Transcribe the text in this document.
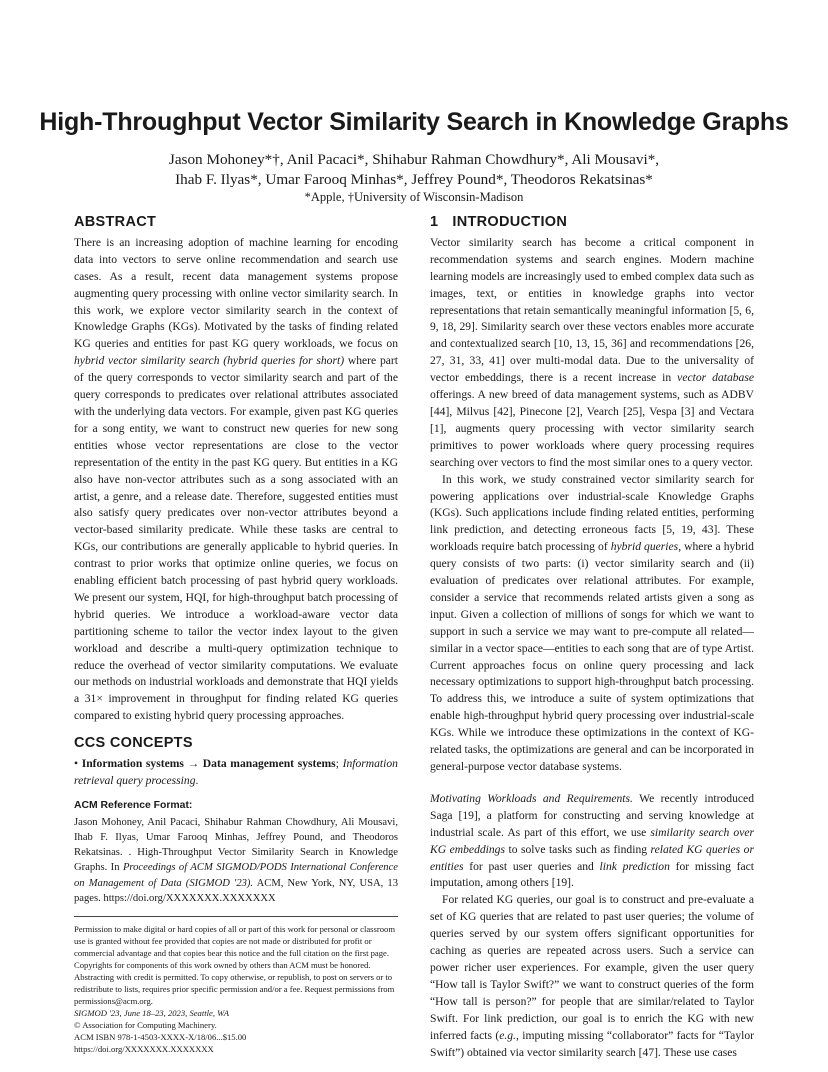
High-Throughput Vector Similarity Search in Knowledge Graphs
Jason Mohoney*†, Anil Pacaci*, Shihabur Rahman Chowdhury*, Ali Mousavi*,
Ihab F. Ilyas*, Umar Farooq Minhas*, Jeffrey Pound*, Theodoros Rekatsinas*
*Apple, †University of Wisconsin-Madison
ABSTRACT

There is an increasing adoption of machine learning for encoding data into vectors to serve online recommendation and search use cases. As a result, recent data management systems propose augmenting query processing with online vector similarity search. In this work, we explore vector similarity search in the context of Knowledge Graphs (KGs). Motivated by the tasks of finding related KG queries and entities for past KG query workloads, we focus on hybrid vector similarity search (hybrid queries for short) where part of the query corresponds to vector similarity search and part of the query corresponds to predicates over relational attributes associated with the underlying data vectors. For example, given past KG queries for a song entity, we want to construct new queries for new song entities whose vector representations are close to the vector representation of the entity in the past KG query. But entities in a KG also have non-vector attributes such as a song associated with an artist, a genre, and a release date. Therefore, suggested entities must also satisfy query predicates over non-vector attributes beyond a vector-based similarity predicate. While these tasks are central to KGs, our contributions are generally applicable to hybrid queries. In contrast to prior works that optimize online queries, we focus on enabling efficient batch processing of past hybrid query workloads. We present our system, HQI, for high-throughput batch processing of hybrid queries. We introduce a workload-aware vector data partitioning scheme to tailor the vector index layout to the given workload and describe a multi-query optimization technique to reduce the overhead of vector similarity computations. We evaluate our methods on industrial workloads and demonstrate that HQI yields a 31× improvement in throughput for finding related KG queries compared to existing hybrid query processing approaches.

CCS CONCEPTS

• Information systems → Data management systems; Information retrieval query processing.

ACM Reference Format:

Jason Mohoney, Anil Pacaci, Shihabur Rahman Chowdhury, Ali Mousavi, Ihab F. Ilyas, Umar Farooq Minhas, Jeffrey Pound, and Theodoros Rekatsinas. . High-Throughput Vector Similarity Search in Knowledge Graphs. In Proceedings of ACM SIGMOD/PODS International Conference on Management of Data (SIGMOD '23). ACM, New York, NY, USA, 13 pages. https://doi.org/XXXXXXX.XXXXXXX

Permission to make digital or hard copies of all or part of this work for personal or classroom use is granted without fee provided that copies are not made or distributed for profit or commercial advantage and that copies bear this notice and the full citation on the first page. Copyrights for components of this work owned by others than ACM must be honored. Abstracting with credit is permitted. To copy otherwise, or republish, to post on servers or to redistribute to lists, requires prior specific permission and/or a fee. Request permissions from permissions@acm.org.

SIGMOD '23, June 18–23, 2023, Seattle, WA

© Association for Computing Machinery.

ACM ISBN 978-1-4503-XXXX-X/18/06...$15.00

https://doi.org/XXXXXXX.XXXXXXX

1 INTRODUCTION

Vector similarity search has become a critical component in recommendation systems and search engines. Modern machine learning models are increasingly used to embed complex data such as images, text, or entities in knowledge graphs into vector representations that retain semantically meaningful information [5, 6, 9, 18, 29]. Similarity search over these vectors enables more accurate and contextualized search [10, 13, 15, 36] and recommendations [26, 27, 31, 33, 41] over multi-modal data. Due to the universality of vector embeddings, there is a recent increase in vector database offerings. A new breed of data management systems, such as ADBV [44], Milvus [42], Pinecone [2], Vearch [25], Vespa [3] and Vectara [1], augments query processing with vector similarity search primitives to power workloads where query processing requires searching over vectors to find the most similar ones to a query vector.

In this work, we study constrained vector similarity search for powering applications over industrial-scale Knowledge Graphs (KGs). Such applications include finding related entities, performing link prediction, and detecting erroneous facts [5, 19, 43]. These workloads require batch processing of hybrid queries, where a hybrid query consists of two parts: (i) vector similarity search and (ii) evaluation of predicates over relational attributes. For example, consider a service that recommends related artists given a song as input. Given a collection of millions of songs for which we want to support in such a service we may want to pre-compute all related—similar in a vector space—entities to each song that are of type Artist. Current approaches focus on online query processing and lack necessary optimizations to support high-throughput batch processing. To address this, we introduce a suite of system optimizations that enable high-throughput hybrid query processing over industrial-scale KGs. While we introduce these optimizations in the context of KG-related tasks, the optimizations are general and can be incorporated in general-purpose vector database systems.

Motivating Workloads and Requirements. We recently introduced Saga [19], a platform for constructing and serving knowledge at industrial scale. As part of this effort, we use similarity search over KG embeddings to solve tasks such as finding related KG queries or entities for past user queries and link prediction for missing fact imputation, among others [19].

For related KG queries, our goal is to construct and pre-evaluate a set of KG queries that are related to past user queries; the volume of queries served by our system offers significant opportunities for caching as queries are repeated across users. Such a service can power richer user experiences. For example, given the user query “How tall is Taylor Swift?” we want to construct queries of the form “How tall is person?” for people that are similar/related to Taylor Swift. For link prediction, our goal is to enrich the KG with new inferred facts (e.g., imputing missing “collaborator” facts for “Taylor Swift”) obtained via vector similarity search [47]. These use cases
